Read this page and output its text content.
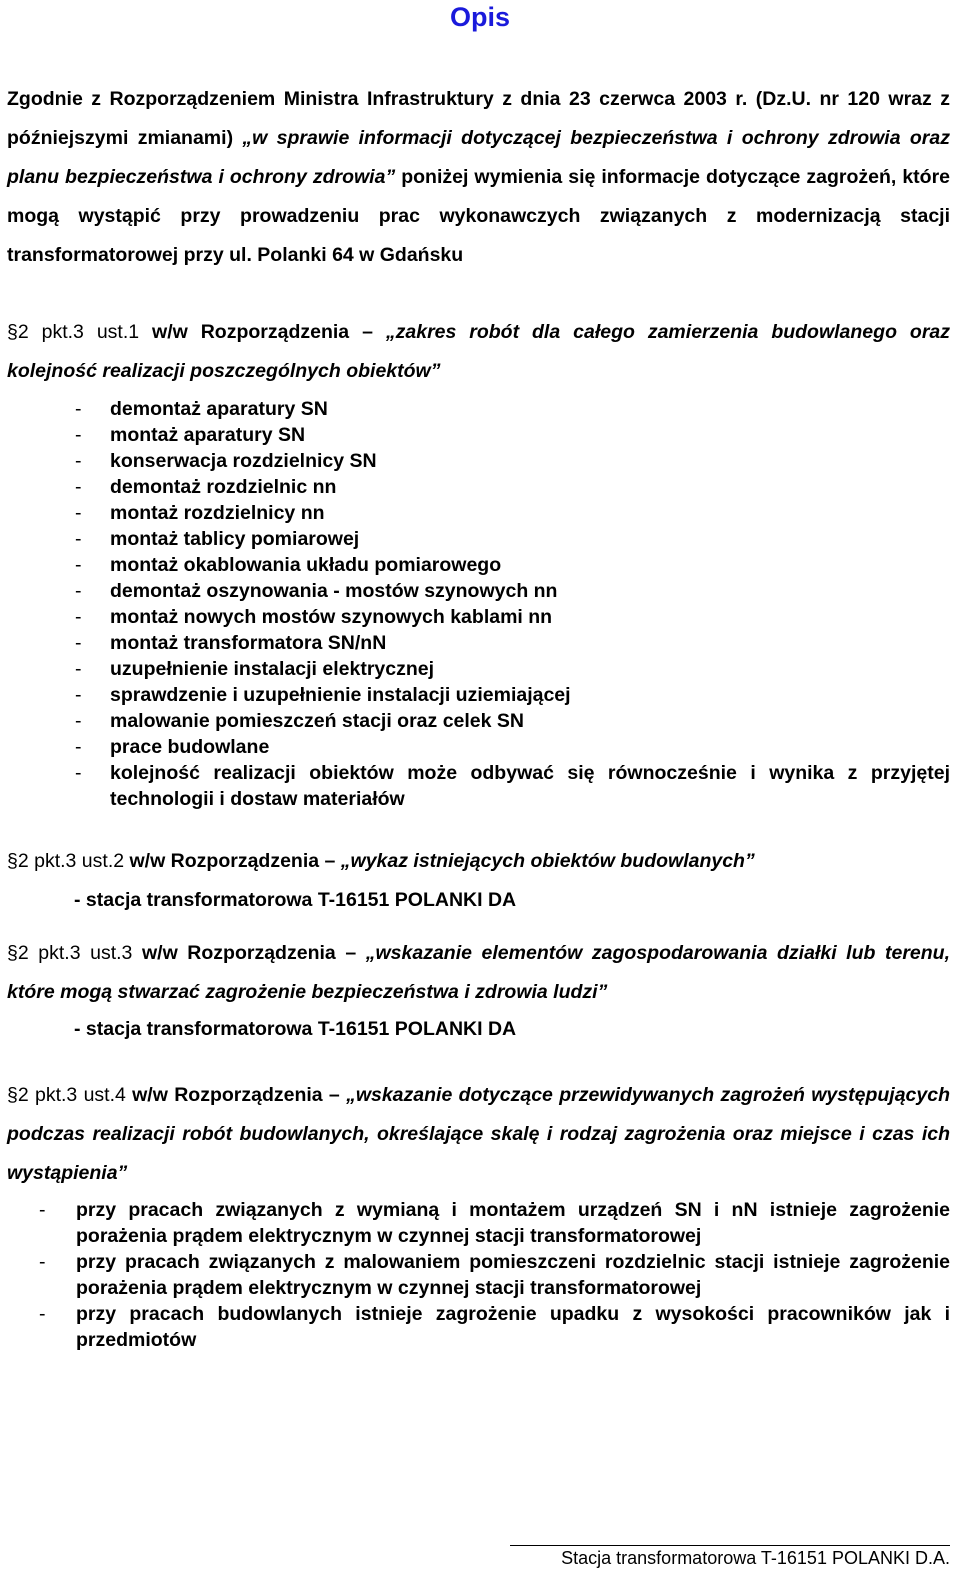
Opis
Zgodnie z Rozporządzeniem Ministra Infrastruktury z dnia 23 czerwca 2003 r. (Dz.U. nr 120 wraz z późniejszymi zmianami) „w sprawie informacji dotyczącej bezpieczeństwa i ochrony zdrowia oraz planu bezpieczeństwa i ochrony zdrowia” poniżej wymienia się informacje dotyczące zagrożeń, które mogą wystąpić przy prowadzeniu prac wykonawczych związanych z modernizacją stacji transformatorowej przy ul. Polanki 64 w Gdańsku
§2 pkt.3 ust.1 w/w Rozporządzenia – „zakres robót dla całego zamierzenia budowlanego oraz kolejność realizacji poszczególnych obiektów”
- demontaż aparatury SN
- montaż aparatury SN
- konserwacja rozdzielnicy SN
- demontaż rozdzielnic nn
- montaż rozdzielnicy nn
- montaż tablicy pomiarowej
- montaż okablowania układu pomiarowego
- demontaż oszynowania - mostów szynowych nn
- montaż nowych mostów szynowych kablami nn
- montaż transformatora SN/nN
- uzupełnienie instalacji elektrycznej
- sprawdzenie i uzupełnienie instalacji uziemiającej
- malowanie pomieszczeń stacji oraz celek SN
- prace budowlane
- kolejność realizacji obiektów może odbywać się równocześnie i wynika z przyjętej technologii i dostaw materiałów
§2 pkt.3 ust.2 w/w Rozporządzenia – „wykaz istniejących obiektów budowlanych”
- stacja transformatorowa T-16151 POLANKI DA
§2 pkt.3 ust.3 w/w Rozporządzenia – „wskazanie elementów zagospodarowania działki lub terenu, które mogą stwarzać zagrożenie bezpieczeństwa i zdrowia ludzi”
- stacja transformatorowa T-16151 POLANKI DA
§2 pkt.3 ust.4 w/w Rozporządzenia – „wskazanie dotyczące przewidywanych zagrożeń występujących podczas realizacji robót budowlanych, określające skalę i rodzaj zagrożenia oraz miejsce i czas ich wystąpienia”
- przy pracach związanych z wymianą i montażem urządzeń SN i nN istnieje zagrożenie porażenia prądem elektrycznym w czynnej stacji transformatorowej
- przy pracach związanych z malowaniem pomieszczeni rozdzielnic stacji istnieje zagrożenie porażenia prądem elektrycznym w czynnej stacji transformatorowej
- przy pracach budowlanych istnieje zagrożenie upadku z wysokości pracowników jak i przedmiotów
Stacja transformatorowa T-16151 POLANKI D.A.
